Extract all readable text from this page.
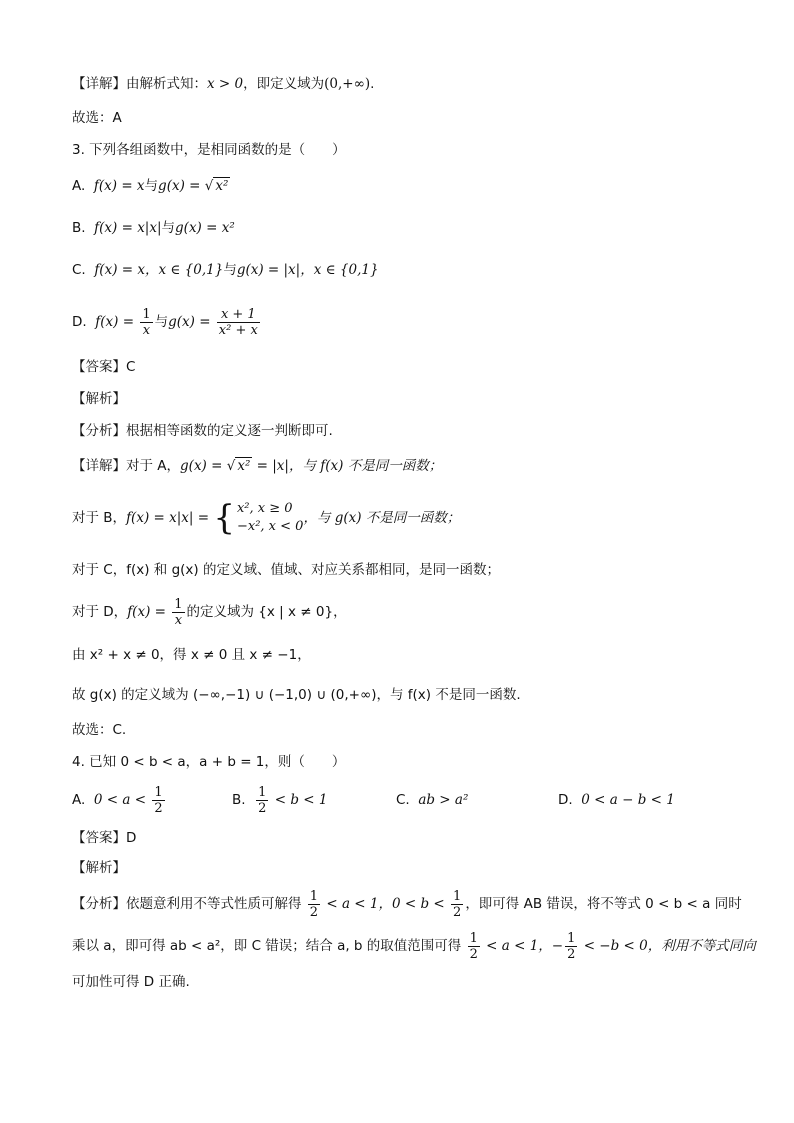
【详解】由解析式知：x > 0，即定义域为(0,+∞).
故选：A
3. 下列各组函数中，是相同函数的是（　　）
A. f(x) = x与g(x) = √ x²
B. f(x) = x|x|与g(x) = x²
C. f(x) = x，x ∈ {0,1}与g(x) = |x|，x ∈ {0,1}
D. $f(x) = \frac{1}{x}$ 与$g(x) = \frac{x + 1}{\text{x² + x}}$
【答案】C
【解析】
【分析】根据相等函数的定义逐一判断即可.
【详解】对于 A，g(x) = √ x² = |x|，与 f(x) 不是同一函数；
对于 B，f(x) = x|x| = { x², x ≥ 0
−x², x < 0
，与 g(x) 不是同一函数；
对于 C，f(x) 和 g(x) 的定义域、值域、对应关系都相同，是同一函数；
对于 D，$f(x) = \frac{1}{x}$ 的定义域为 {x | x ≠ 0}，
由 x² + x ≠ 0，得 x ≠ 0 且 x ≠ −1，
故 g(x) 的定义域为 (−∞,−1) ∪ (−1,0) ∪ (0,+∞)，与 f(x) 不是同一函数.
故选：C.
4. 已知 0 < b < a，a + b = 1，则（　　）
A. $0 < a < \frac{1}{2}$	B. $\frac{1}{2} < b < 1$	C. ab > a²	D. 0 < a − b < 1
【答案】D
【解析】
【分析】依题意利用不等式性质可解得 $\frac{1}{2} < a < 1$，$0 < b < \frac{1}{2}$ ，即可得 AB 错误，将不等式 0 < b < a 同时
乘以 a，即可得 ab < a²，即 C 错误；结合 a, b 的取值范围可得 $\frac{1}{2} < a < 1$，− $\frac{1}{2} < -b < 0$，利用不等式同向
可加性可得 D 正确.
